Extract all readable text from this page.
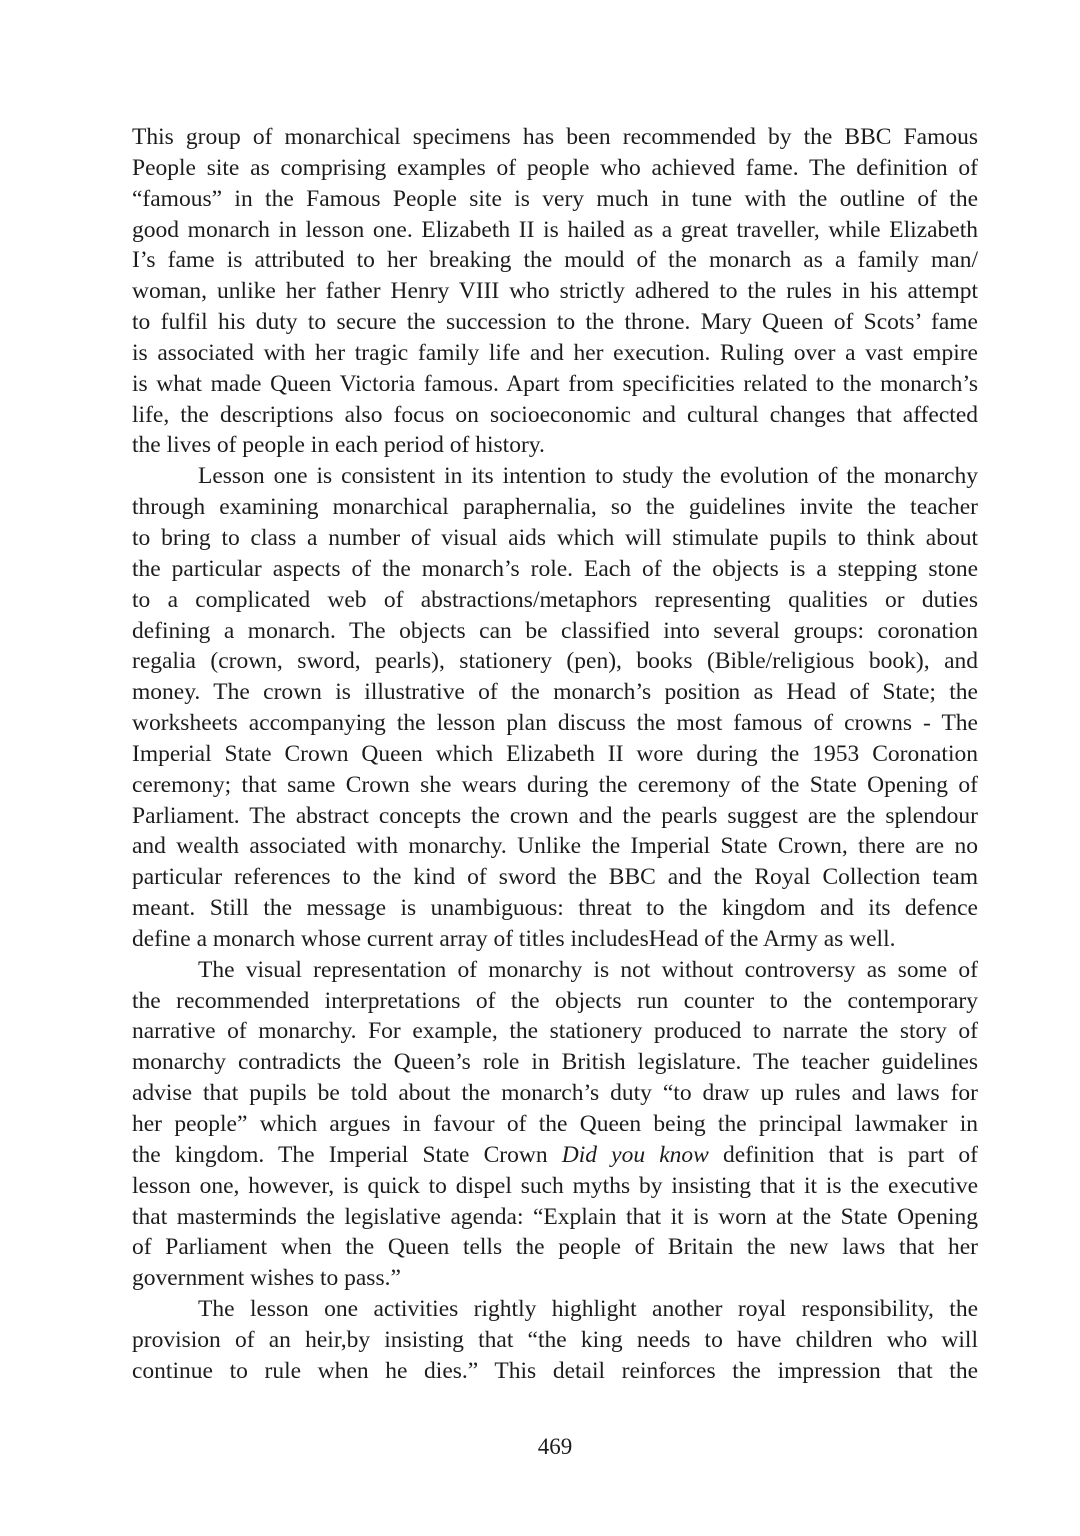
This group of monarchical specimens has been recommended by the BBC Famous
People site as comprising examples of people who achieved fame. The definition of
“famous” in the Famous People site is very much in tune with the outline of the
good monarch in lesson one. Elizabeth II is hailed as a great traveller, while Elizabeth
I’s fame is attributed to her breaking the mould of the monarch as a family man/
woman, unlike her father Henry VIII who strictly adhered to the rules in his attempt
to fulfil his duty to secure the succession to the throne. Mary Queen of Scots’ fame
is associated with her tragic family life and her execution. Ruling over a vast empire
is what made Queen Victoria famous. Apart from specificities related to the monarch’s
life, the descriptions also focus on socioeconomic and cultural changes that affected
the lives of people in each period of history.
Lesson one is consistent in its intention to study the evolution of the monarchy
through examining monarchical paraphernalia, so the guidelines invite the teacher
to bring to class a number of visual aids which will stimulate pupils to think about
the particular aspects of the monarch’s role. Each of the objects is a stepping stone
to a complicated web of abstractions/metaphors representing qualities or duties
defining a monarch. The objects can be classified into several groups: coronation
regalia (crown, sword, pearls), stationery (pen), books (Bible/religious book), and
money. The crown is illustrative of the monarch’s position as Head of State; the
worksheets accompanying the lesson plan discuss the most famous of crowns - The
Imperial State Crown Queen which Elizabeth II wore during the 1953 Coronation
ceremony; that same Crown she wears during the ceremony of the State Opening of
Parliament. The abstract concepts the crown and the pearls suggest are the splendour
and wealth associated with monarchy. Unlike the Imperial State Crown, there are no
particular references to the kind of sword the BBC and the Royal Collection team
meant. Still the message is unambiguous: threat to the kingdom and its defence
define a monarch whose current array of titles includesHead of the Army as well.
The visual representation of monarchy is not without controversy as some of
the recommended interpretations of the objects run counter to the contemporary
narrative of monarchy. For example, the stationery produced to narrate the story of
monarchy contradicts the Queen’s role in British legislature. The teacher guidelines
advise that pupils be told about the monarch’s duty “to draw up rules and laws for
her people” which argues in favour of the Queen being the principal lawmaker in
the kingdom. The Imperial State Crown Did you know definition that is part of
lesson one, however, is quick to dispel such myths by insisting that it is the executive
that masterminds the legislative agenda: “Explain that it is worn at the State Opening
of Parliament when the Queen tells the people of Britain the new laws that her
government wishes to pass.”
The lesson one activities rightly highlight another royal responsibility, the
provision of an heir,by insisting that “the king needs to have children who will
continue to rule when he dies.” This detail reinforces the impression that the
469
